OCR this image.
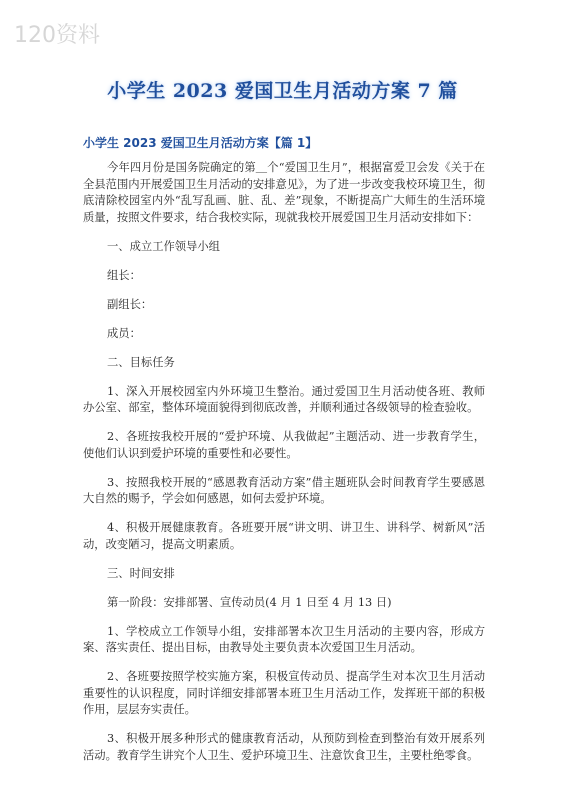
120资料
小学生 2023 爱国卫生月活动方案 7 篇
小学生 2023 爱国卫生月活动方案【篇 1】

今年四月份是国务院确定的第＿个“爱国卫生月”，根据富爱卫会发《关于在全县范围内开展爱国卫生月活动的安排意见》，为了进一步改变我校环境卫生，彻底清除校园室内外“乱写乱画、脏、乱、差”现象，不断提高广大师生的生活环境质量，按照文件要求，结合我校实际，现就我校开展爱国卫生月活动安排如下：

一、成立工作领导小组

组长：

副组长：

成员：

二、目标任务

1、深入开展校园室内外环境卫生整治。通过爱国卫生月活动使各班、教师办公室、部室，整体环境面貌得到彻底改善，并顺利通过各级领导的检查验收。

2、各班按我校开展的“爱护环境、从我做起”主题活动、进一步教育学生，使他们认识到爱护环境的重要性和必要性。

3、按照我校开展的“感恩教育活动方案”借主题班队会时间教育学生要感恩大自然的赐予，学会如何感恩，如何去爱护环境。

4、积极开展健康教育。各班要开展“讲文明、讲卫生、讲科学、树新风”活动，改变陋习，提高文明素质。

三、时间安排

第一阶段：安排部署、宣传动员(4 月 1 日至 4 月 13 日)

1、学校成立工作领导小组，安排部署本次卫生月活动的主要内容，形成方案、落实责任、提出目标，由教导处主要负责本次爱国卫生月活动。

2、各班要按照学校实施方案，积极宣传动员、提高学生对本次卫生月活动重要性的认识程度，同时详细安排部署本班卫生月活动工作，发挥班干部的积极作用，层层夯实责任。

3、积极开展多种形式的健康教育活动，从预防到检查到整治有效开展系列活动。教育学生讲究个人卫生、爱护环境卫生、注意饮食卫生，主要杜绝零食。
